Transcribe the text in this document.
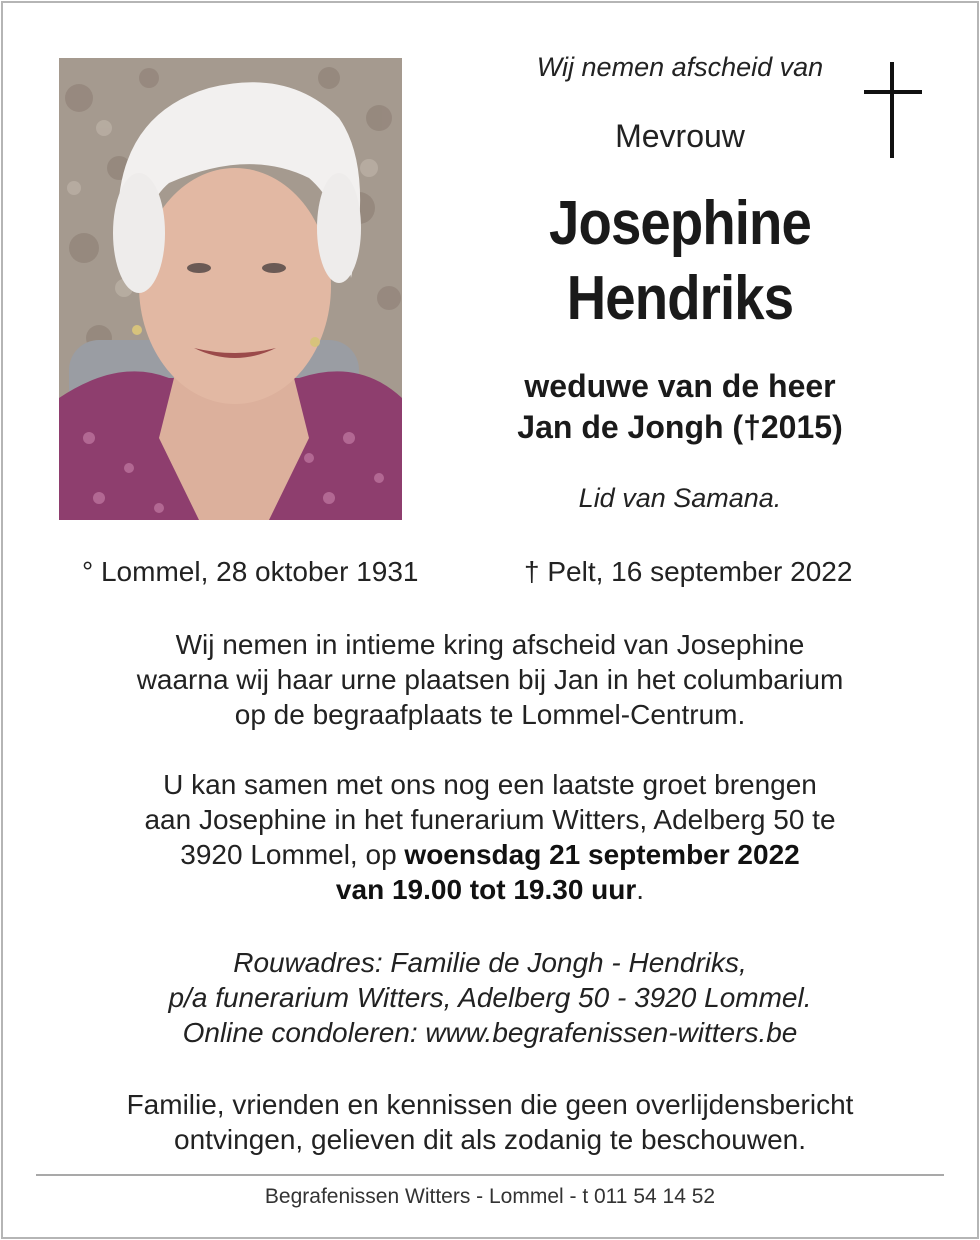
Wij nemen afscheid van
Mevrouw
Josephine
Hendriks
weduwe van de heer
Jan de Jongh (†2015)
Lid van Samana.
° Lommel, 28 oktober 1931	† Pelt, 16 september 2022
Wij nemen in intieme kring afscheid van Josephine
waarna wij haar urne plaatsen bij Jan in het columbarium
op de begraafplaats te Lommel-Centrum.
U kan samen met ons nog een laatste groet brengen
aan Josephine in het funerarium Witters, Adelberg 50 te
3920 Lommel, op woensdag 21 september 2022
van 19.00 tot 19.30 uur.
Rouwadres: Familie de Jongh - Hendriks,
p/a funerarium Witters, Adelberg 50 - 3920 Lommel.
Online condoleren: www.begrafenissen-witters.be
Familie, vrienden en kennissen die geen overlijdensbericht
ontvingen, gelieven dit als zodanig te beschouwen.
Begrafenissen Witters - Lommel - t 011 54 14 52
